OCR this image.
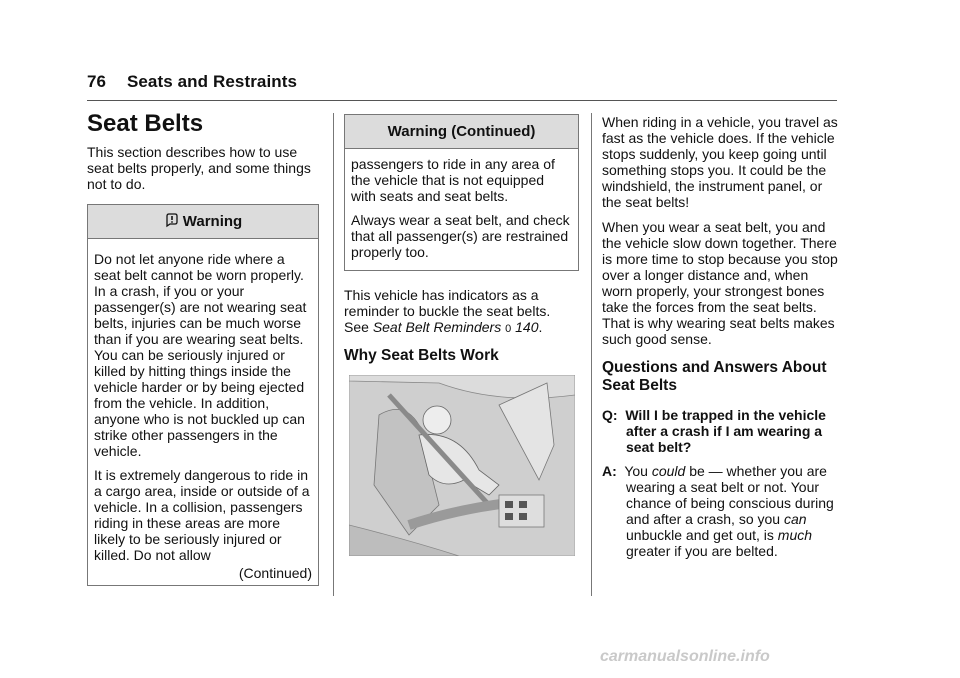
76 Seats and Restraints
Seat Belts

This section describes how to use seat belts properly, and some things not to do.

Warning

Do not let anyone ride where a seat belt cannot be worn properly. In a crash, if you or your passenger(s) are not wearing seat belts, injuries can be much worse than if you are wearing seat belts. You can be seriously injured or killed by hitting things inside the vehicle harder or by being ejected from the vehicle. In addition, anyone who is not buckled up can strike other passengers in the vehicle.

It is extremely dangerous to ride in a cargo area, inside or outside of a vehicle. In a collision, passengers riding in these areas are more likely to be seriously injured or killed. Do not allow

(Continued)
Warning (Continued)

passengers to ride in any area of the vehicle that is not equipped with seats and seat belts.

Always wear a seat belt, and check that all passenger(s) are restrained properly too.

This vehicle has indicators as a reminder to buckle the seat belts. See Seat Belt Reminders 0 140.

Why Seat Belts Work

When riding in a vehicle, you travel as fast as the vehicle does. If the vehicle stops suddenly, you keep going until something stops you. It could be the windshield, the instrument panel, or the seat belts!

When you wear a seat belt, you and the vehicle slow down together. There is more time to stop because you stop over a longer distance and, when worn properly, your strongest bones take the forces from the seat belts. That is why wearing seat belts makes such good sense.

Questions and Answers About Seat Belts

Q: Will I be trapped in the vehicle after a crash if I am wearing a seat belt?

A: You could be — whether you are wearing a seat belt or not. Your chance of being conscious during and after a crash, so you can unbuckle and get out, is much greater if you are belted.

carmanualsonline.info
